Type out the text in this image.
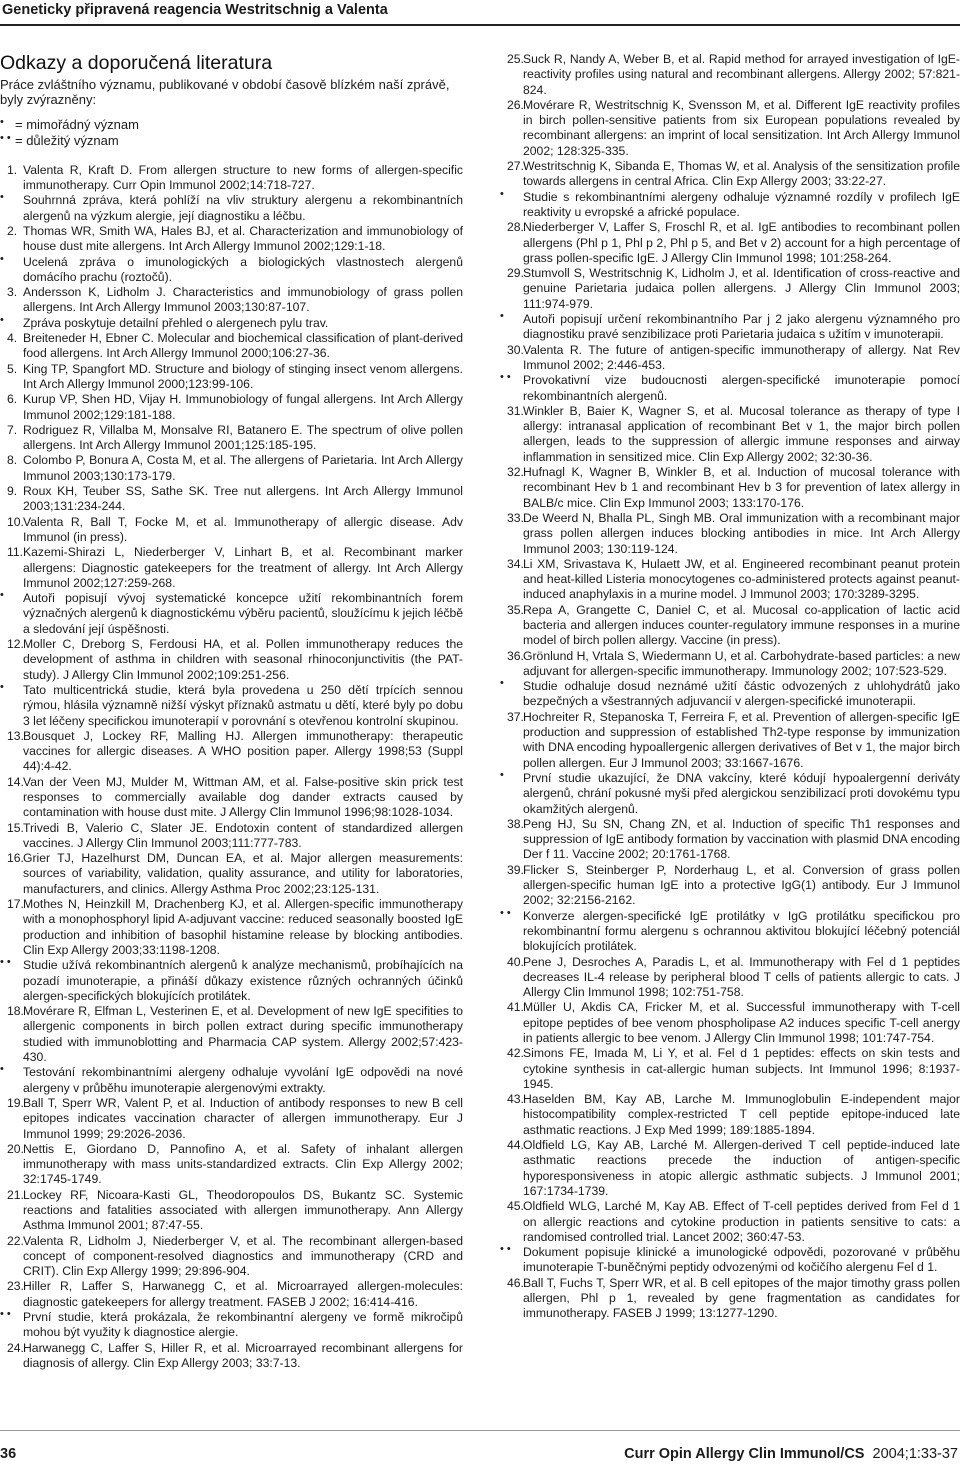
Geneticky připravená reagencia Westritschnig a Valenta
Odkazy a doporučená literatura

Práce zvláštního významu, publikované v období časově blízkém naší zprávě, byly zvýrazněny:

• = mimořádný význam
• • = důležitý význam

1. Valenta R, Kraft D. From allergen structure to new forms of allergen-specific immunotherapy. Curr Opin Immunol 2002;14:718-727.

• Souhrnná zpráva, která pohlíží na vliv struktury alergenu a rekombinantních alergenů na výzkum alergie, její diagnostiku a léčbu.

2. Thomas WR, Smith WA, Hales BJ, et al. Characterization and immunobiology of house dust mite allergens. Int Arch Allergy Immunol 2002;129:1-18.

• Ucelená zpráva o imunologických a biologických vlastnostech alergenů domácího prachu (roztočů).

3. Andersson K, Lidholm J. Characteristics and immunobiology of grass pollen allergens. Int Arch Allergy Immunol 2003;130:87-107.

• Zpráva poskytuje detailní přehled o alergenech pylu trav.

4. Breiteneder H, Ebner C. Molecular and biochemical classification of plant-derived food allergens. Int Arch Allergy Immunol 2000;106:27-36.

5. King TP, Spangfort MD. Structure and biology of stinging insect venom allergens. Int Arch Allergy Immunol 2000;123:99-106.

6. Kurup VP, Shen HD, Vijay H. Immunobiology of fungal allergens. Int Arch Allergy Immunol 2002;129:181-188.

7. Rodriguez R, Villalba M, Monsalve RI, Batanero E. The spectrum of olive pollen allergens. Int Arch Allergy Immunol 2001;125:185-195.

8. Colombo P, Bonura A, Costa M, et al. The allergens of Parietaria. Int Arch Allergy Immunol 2003;130:173-179.

9. Roux KH, Teuber SS, Sathe SK. Tree nut allergens. Int Arch Allergy Immunol 2003;131:234-244.

10. Valenta R, Ball T, Focke M, et al. Immunotherapy of allergic disease. Adv Immunol (in press).

11. Kazemi-Shirazi L, Niederberger V, Linhart B, et al. Recombinant marker allergens: Diagnostic gatekeepers for the treatment of allergy. Int Arch Allergy Immunol 2002;127:259-268.

• Autoři popisují vývoj systematické koncepce užití rekombinantních forem význačných alergenů k diagnostickému výběru pacientů, sloužícímu k jejich léčbě a sledování její úspěšnosti.

12. Moller C, Dreborg S, Ferdousi HA, et al. Pollen immunotherapy reduces the development of asthma in children with seasonal rhinoconjunctivitis (the PAT-study). J Allergy Clin Immunol 2002;109:251-256.

• Tato multicentrická studie, která byla provedena u 250 dětí trpících sennou rýmou, hlásila významně nižší výskyt příznaků astmatu u dětí, které byly po dobu 3 let léčeny specifickou imunoterapií v porovnání s otevřenou kontrolní skupinou.

13. Bousquet J, Lockey RF, Malling HJ. Allergen immunotherapy: therapeutic vaccines for allergic diseases. A WHO position paper. Allergy 1998;53 (Suppl 44):4-42.

14. Van der Veen MJ, Mulder M, Wittman AM, et al. False-positive skin prick test responses to commercially available dog dander extracts caused by contamination with house dust mite. J Allergy Clin Immunol 1996;98:1028-1034.

15. Trivedi B, Valerio C, Slater JE. Endotoxin content of standardized allergen vaccines. J Allergy Clin Immunol 2003;111:777-783.

16. Grier TJ, Hazelhurst DM, Duncan EA, et al. Major allergen measurements: sources of variability, validation, quality assurance, and utility for laboratories, manufacturers, and clinics. Allergy Asthma Proc 2002;23:125-131.

17. Mothes N, Heinzkill M, Drachenberg KJ, et al. Allergen-specific immunotherapy with a monophosphoryl lipid A-adjuvant vaccine: reduced seasonally boosted IgE production and inhibition of basophil histamine release by blocking antibodies. Clin Exp Allergy 2003;33:1198-1208.

• • Studie užívá rekombinantních alergenů k analýze mechanismů, probíhajících na pozadí imunoterapie, a přináší důkazy existence různých ochranných účinků alergen-specifických blokujících protilátek.

18. Movérare R, Elfman L, Vesterinen E, et al. Development of new IgE specifities to allergenic components in birch pollen extract during specific immunotherapy studied with immunoblotting and Pharmacia CAP system. Allergy 2002;57:423-430.

• Testování rekombinantními alergeny odhaluje vyvolání IgE odpovědi na nové alergeny v průběhu imunoterapie alergenovými extrakty.

19. Ball T, Sperr WR, Valent P, et al. Induction of antibody responses to new B cell epitopes indicates vaccination character of allergen immunotherapy. Eur J Immunol 1999; 29:2026-2036.

20. Nettis E, Giordano D, Pannofino A, et al. Safety of inhalant allergen immunotherapy with mass units-standardized extracts. Clin Exp Allergy 2002; 32:1745-1749.

21. Lockey RF, Nicoara-Kasti GL, Theodoropoulos DS, Bukantz SC. Systemic reactions and fatalities associated with allergen immunotherapy. Ann Allergy Asthma Immunol 2001; 87:47-55.

22. Valenta R, Lidholm J, Niederberger V, et al. The recombinant allergen-based concept of component-resolved diagnostics and immunotherapy (CRD and CRIT). Clin Exp Allergy 1999; 29:896-904.

23. Hiller R, Laffer S, Harwanegg C, et al. Microarrayed allergen-molecules: diagnostic gatekeepers for allergy treatment. FASEB J 2002; 16:414-416.

• • První studie, která prokázala, že rekombinantní alergeny ve formě mikročipů mohou být využity k diagnostice alergie.

24. Harwanegg C, Laffer S, Hiller R, et al. Microarrayed recombinant allergens for diagnosis of allergy. Clin Exp Allergy 2003; 33:7-13.

25. Suck R, Nandy A, Weber B, et al. Rapid method for arrayed investigation of IgE-reactivity profiles using natural and recombinant allergens. Allergy 2002; 57:821-824.

26. Movérare R, Westritschnig K, Svensson M, et al. Different IgE reactivity profiles in birch pollen-sensitive patients from six European populations revealed by recombinant allergens: an imprint of local sensitization. Int Arch Allergy Immunol 2002; 128:325-335.

27. Westritschnig K, Sibanda E, Thomas W, et al. Analysis of the sensitization profile towards allergens in central Africa. Clin Exp Allergy 2003; 33:22-27.

• Studie s rekombinantními alergeny odhaluje významné rozdíly v profilech IgE reaktivity u evropské a africké populace.

28. Niederberger V, Laffer S, Froschl R, et al. IgE antibodies to recombinant pollen allergens (Phl p 1, Phl p 2, Phl p 5, and Bet v 2) account for a high percentage of grass pollen-specific IgE. J Allergy Clin Immunol 1998; 101:258-264.

29. Stumvoll S, Westritschnig K, Lidholm J, et al. Identification of cross-reactive and genuine Parietaria judaica pollen allergens. J Allergy Clin Immunol 2003; 111:974-979.

• Autoři popisují určení rekombinantního Par j 2 jako alergenu významného pro diagnostiku pravé senzibilizace proti Parietaria judaica s užitím v imunoterapii.

30. Valenta R. The future of antigen-specific immunotherapy of allergy. Nat Rev Immunol 2002; 2:446-453.

• • Provokativní vize budoucnosti alergen-specifické imunoterapie pomocí rekombinantních alergenů.

31. Winkler B, Baier K, Wagner S, et al. Mucosal tolerance as therapy of type I allergy: intranasal application of recombinant Bet v 1, the major birch pollen allergen, leads to the suppression of allergic immune responses and airway inflammation in sensitized mice. Clin Exp Allergy 2002; 32:30-36.

32. Hufnagl K, Wagner B, Winkler B, et al. Induction of mucosal tolerance with recombinant Hev b 1 and recombinant Hev b 3 for prevention of latex allergy in BALB/c mice. Clin Exp Immunol 2003; 133:170-176.

33. De Weerd N, Bhalla PL, Singh MB. Oral immunization with a recombinant major grass pollen allergen induces blocking antibodies in mice. Int Arch Allergy Immunol 2003; 130:119-124.

34. Li XM, Srivastava K, Hulaett JW, et al. Engineered recombinant peanut protein and heat-killed Listeria monocytogenes co-administered protects against peanut-induced anaphylaxis in a murine model. J Immunol 2003; 170:3289-3295.

35. Repa A, Grangette C, Daniel C, et al. Mucosal co-application of lactic acid bacteria and allergen induces counter-regulatory immune responses in a murine model of birch pollen allergy. Vaccine (in press).

36. Grönlund H, Vrtala S, Wiedermann U, et al. Carbohydrate-based particles: a new adjuvant for allergen-specific immunotherapy. Immunology 2002; 107:523-529.

• Studie odhaluje dosud neznámé užití částic odvozených z uhlohydrátů jako bezpečných a všestranných adjuvancií v alergen-specifické imunoterapii.

37. Hochreiter R, Stepanoska T, Ferreira F, et al. Prevention of allergen-specific IgE production and suppression of established Th2-type response by immunization with DNA encoding hypoallergenic allergen derivatives of Bet v 1, the major birch pollen allergen. Eur J Immunol 2003; 33:1667-1676.

• První studie ukazující, že DNA vakcíny, které kódují hypoalergenní deriváty alergenů, chrání pokusné myši před alergickou senzibilizací proti dovokému typu okamžitých alergenů.

38. Peng HJ, Su SN, Chang ZN, et al. Induction of specific Th1 responses and suppression of IgE antibody formation by vaccination with plasmid DNA encoding Der f 11. Vaccine 2002; 20:1761-1768.

39. Flicker S, Steinberger P, Norderhaug L, et al. Conversion of grass pollen allergen-specific human IgE into a protective IgG(1) antibody. Eur J Immunol 2002; 32:2156-2162.

• • Konverze alergen-specifické IgE protilátky v IgG protilátku specifickou pro rekombinantní formu alergenu s ochrannou aktivitou blokující léčebný potenciál blokujících protilátek.

40. Pene J, Desroches A, Paradis L, et al. Immunotherapy with Fel d 1 peptides decreases IL-4 release by peripheral blood T cells of patients allergic to cats. J Allergy Clin Immunol 1998; 102:751-758.

41. Müller U, Akdis CA, Fricker M, et al. Successful immunotherapy with T-cell epitope peptides of bee venom phospholipase A2 induces specific T-cell anergy in patients allergic to bee venom. J Allergy Clin Immunol 1998; 101:747-754.

42. Simons FE, Imada M, Li Y, et al. Fel d 1 peptides: effects on skin tests and cytokine synthesis in cat-allergic human subjects. Int Immunol 1996; 8:1937-1945.

43. Haselden BM, Kay AB, Larche M. Immunoglobulin E-independent major histocompatibility complex-restricted T cell peptide epitope-induced late asthmatic reactions. J Exp Med 1999; 189:1885-1894.

44. Oldfield LG, Kay AB, Larché M. Allergen-derived T cell peptide-induced late asthmatic reactions precede the induction of antigen-specific hyporesponsiveness in atopic allergic asthmatic subjects. J Immunol 2001; 167:1734-1739.

45. Oldfield WLG, Larché M, Kay AB. Effect of T-cell peptides derived from Fel d 1 on allergic reactions and cytokine production in patients sensitive to cats: a randomised controlled trial. Lancet 2002; 360:47-53.

• • Dokument popisuje klinické a imunologické odpovědi, pozorované v průběhu imunoterapie T-buněčnými peptidy odvozenými od kočičího alergenu Fel d 1.

46. Ball T, Fuchs T, Sperr WR, et al. B cell epitopes of the major timothy grass pollen allergen, Phl p 1, revealed by gene fragmentation as candidates for immunotherapy. FASEB J 1999; 13:1277-1290.

36	Curr Opin Allergy Clin Immunol/CS 2004;1:33-37
